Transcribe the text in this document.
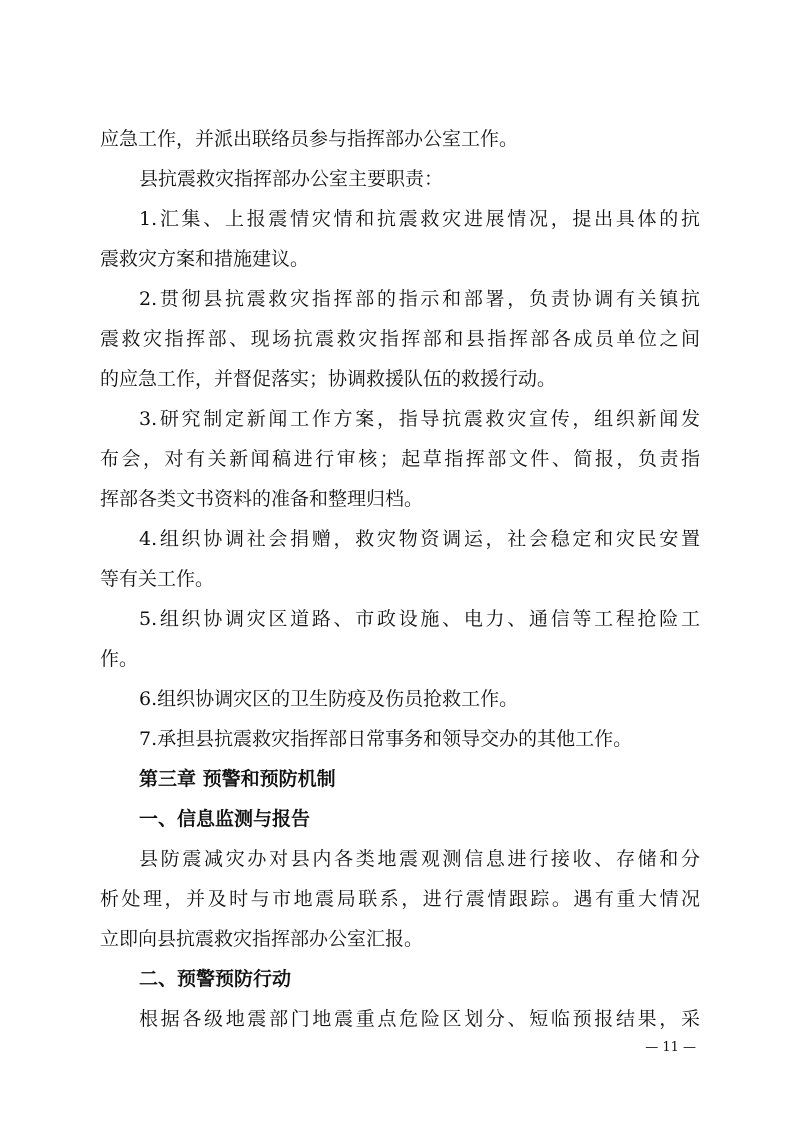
应急工作，并派出联络员参与指挥部办公室工作。
县抗震救灾指挥部办公室主要职责：
1.汇集、上报震情灾情和抗震救灾进展情况，提出具体的抗
震救灾方案和措施建议。
2.贯彻县抗震救灾指挥部的指示和部署，负责协调有关镇抗
震救灾指挥部、现场抗震救灾指挥部和县指挥部各成员单位之间
的应急工作，并督促落实；协调救援队伍的救援行动。
3.研究制定新闻工作方案，指导抗震救灾宣传，组织新闻发
布会，对有关新闻稿进行审核；起草指挥部文件、简报，负责指
挥部各类文书资料的准备和整理归档。
4.组织协调社会捐赠，救灾物资调运，社会稳定和灾民安置
等有关工作。
5.组织协调灾区道路、市政设施、电力、通信等工程抢险工
作。
6.组织协调灾区的卫生防疫及伤员抢救工作。
7.承担县抗震救灾指挥部日常事务和领导交办的其他工作。
第三章 预警和预防机制
一、信息监测与报告
县防震减灾办对县内各类地震观测信息进行接收、存储和分
析处理，并及时与市地震局联系，进行震情跟踪。遇有重大情况
立即向县抗震救灾指挥部办公室汇报。
二、预警预防行动
根据各级地震部门地震重点危险区划分、短临预报结果，采
— 11 —
